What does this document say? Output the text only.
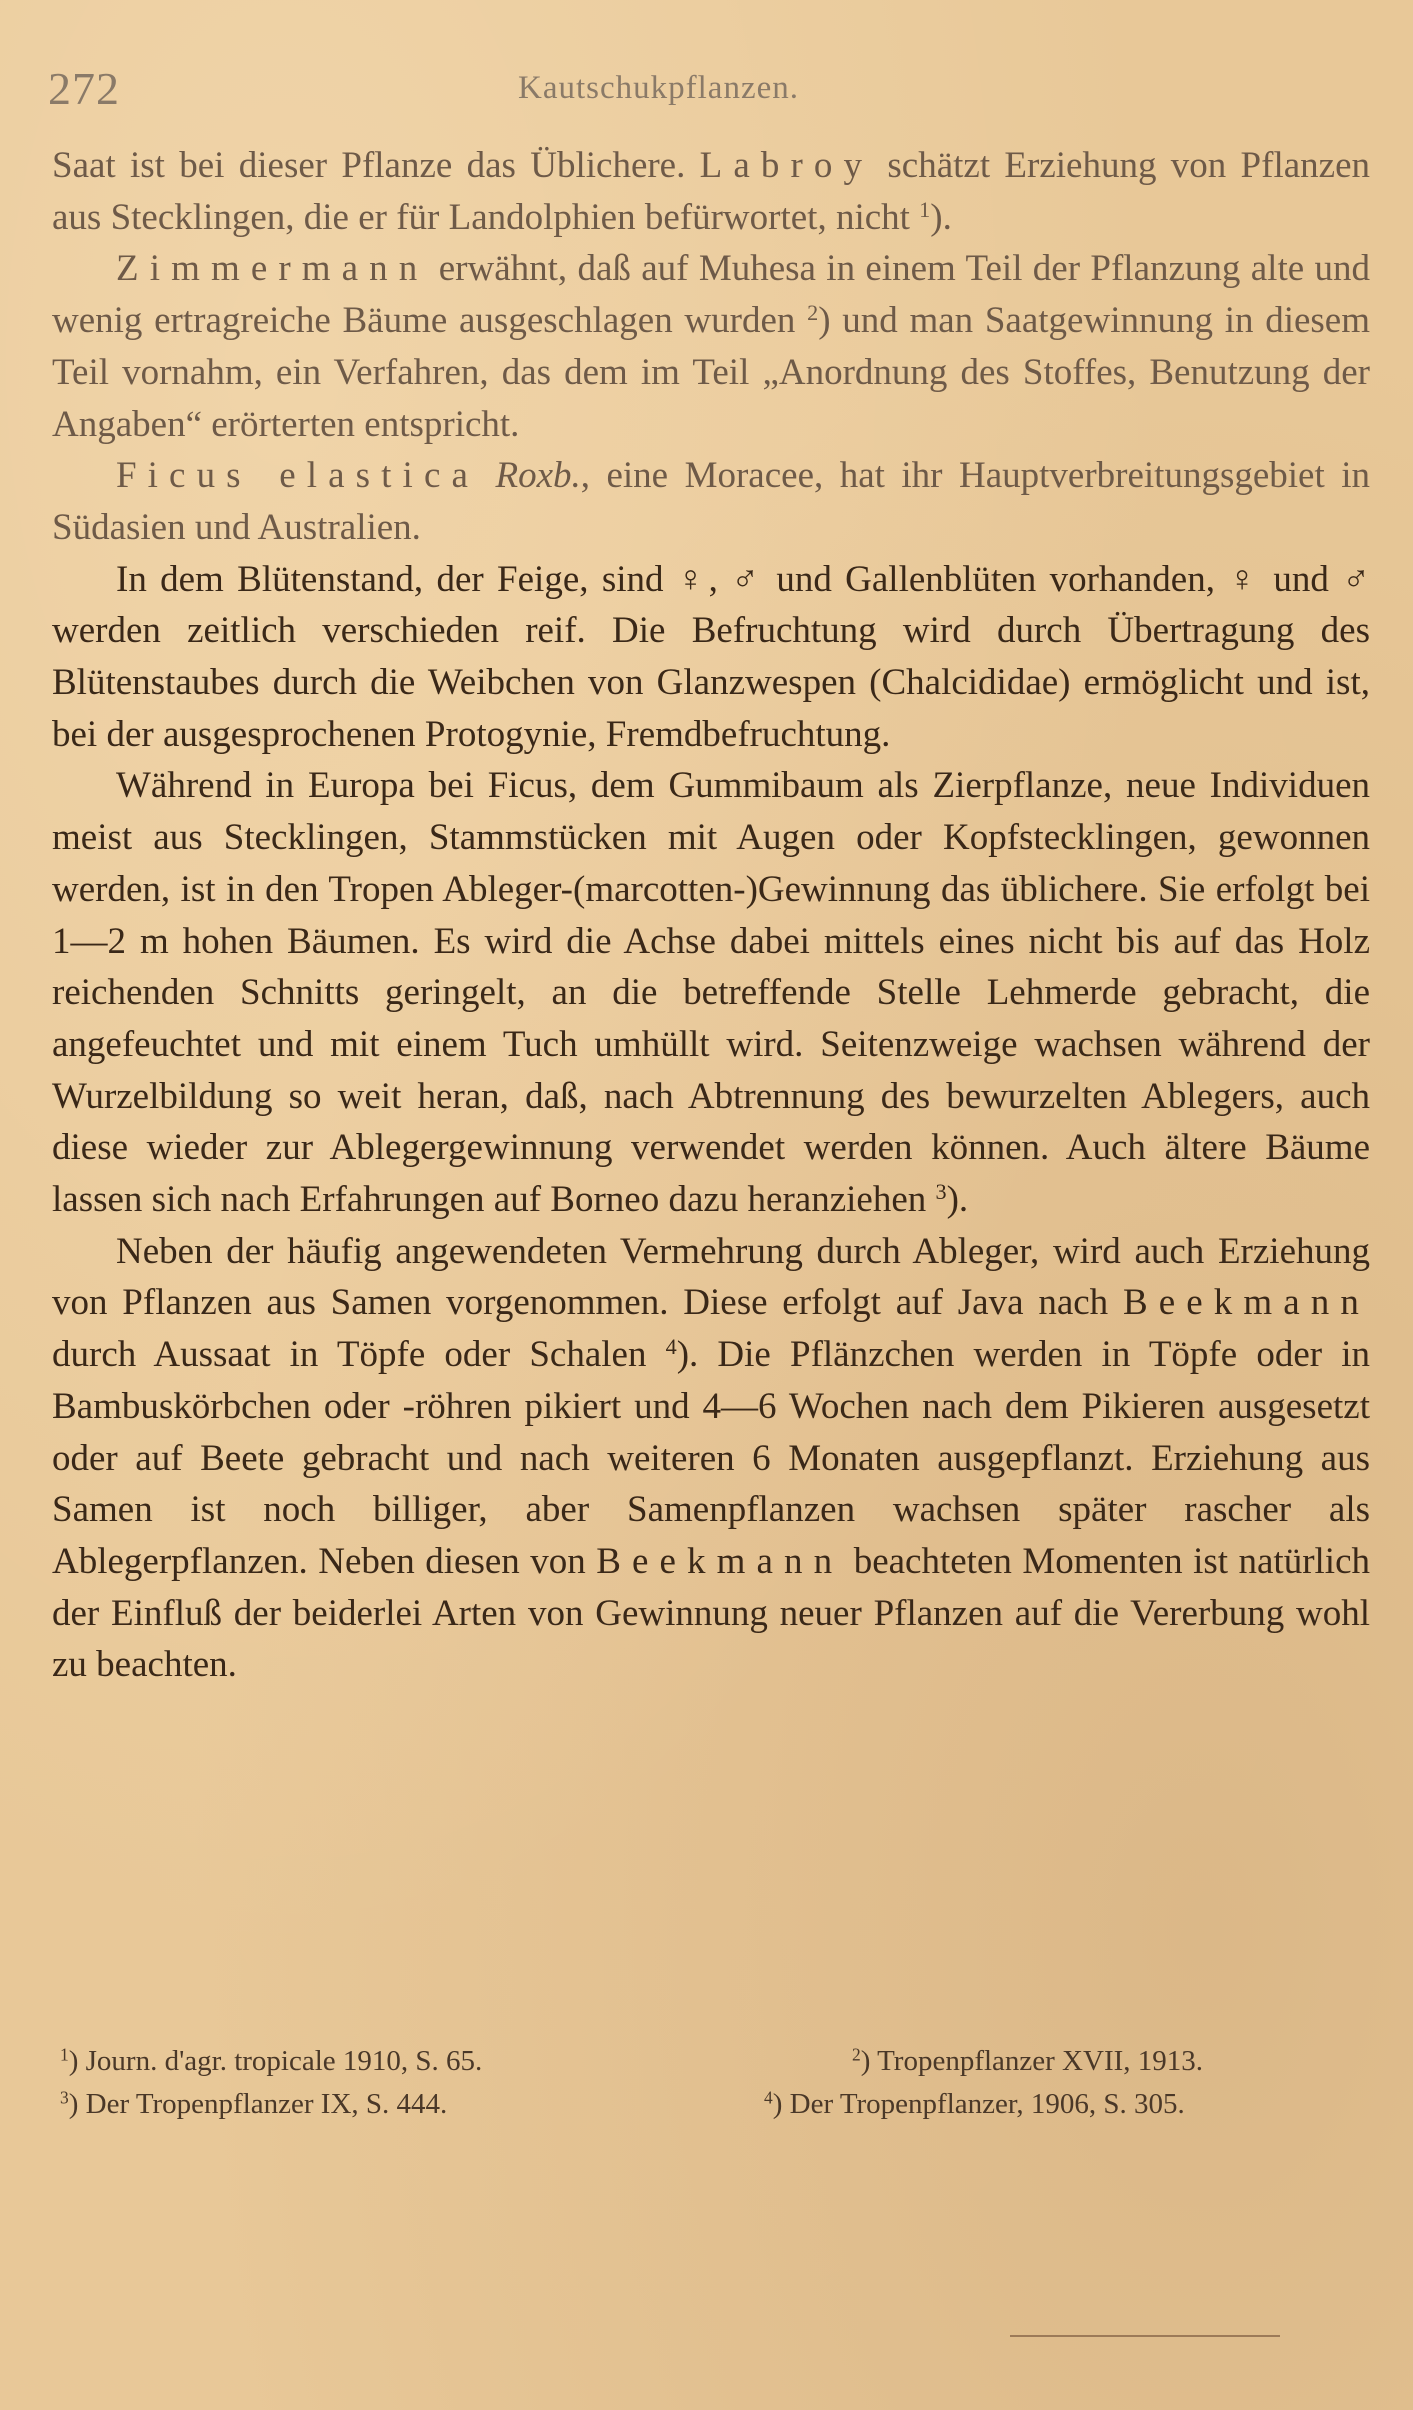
272	Kautschukpflanzen.

Saat ist bei dieser Pflanze das Üblichere. Labroy schätzt Erziehung von Pflanzen aus Stecklingen, die er für Landolphien befürwortet, nicht $^1$).

Zimmermann erwähnt, daß auf Muhesa in einem Teil der Pflanzung alte und wenig ertragreiche Bäume ausgeschlagen wurden $^2$) und man Saatgewinnung in diesem Teil vornahm, ein Verfahren, das dem im Teil „Anordnung des Stoffes, Benutzung der Angaben“ erörterten entspricht.

Ficus elastica Roxb., eine Moracee, hat ihr Hauptverbreitungsgebiet in Südasien und Australien.

In dem Blütenstand, der Feige, sind ♀, ♂ und Gallenblüten vorhanden, ♀ und ♂ werden zeitlich verschieden reif. Die Befruchtung wird durch Übertragung des Blütenstaubes durch die Weibchen von Glanzwespen (Chalcididae) ermöglicht und ist, bei der ausgesprochenen Protogynie, Fremdbefruchtung.

Während in Europa bei Ficus, dem Gummibaum als Zierpflanze, neue Individuen meist aus Stecklingen, Stammstücken mit Augen oder Kopfstecklingen, gewonnen werden, ist in den Tropen Ableger-(marcotten-)Gewinnung das üblichere. Sie erfolgt bei 1—2 m hohen Bäumen. Es wird die Achse dabei mittels eines nicht bis auf das Holz reichenden Schnitts geringelt, an die betreffende Stelle Lehmerde gebracht, die angefeuchtet und mit einem Tuch umhüllt wird. Seitenzweige wachsen während der Wurzelbildung so weit heran, daß, nach Abtrennung des bewurzelten Ablegers, auch diese wieder zur Ablegergewinnung verwendet werden können. Auch ältere Bäume lassen sich nach Erfahrungen auf Borneo dazu heranziehen $^3$).

Neben der häufig angewendeten Vermehrung durch Ableger, wird auch Erziehung von Pflanzen aus Samen vorgenommen. Diese erfolgt auf Java nach Beekmann durch Aussaat in Töpfe oder Schalen $^4$). Die Pflänzchen werden in Töpfe oder in Bambuskörbchen oder -röhren pikiert und 4—6 Wochen nach dem Pikieren ausgesetzt oder auf Beete gebracht und nach weiteren 6 Monaten ausgepflanzt. Erziehung aus Samen ist noch billiger, aber Samenpflanzen wachsen später rascher als Ablegerpflanzen. Neben diesen von Beekmann beachteten Momenten ist natürlich der Einfluß der beiderlei Arten von Gewinnung neuer Pflanzen auf die Vererbung wohl zu beachten.

$^1$) Journ. d'agr. tropicale 1910, S. 65.	$^2$) Tropenpflanzer XVII, 1913.
$^3$) Der Tropenpflanzer IX, S. 444.	$^4$) Der Tropenpflanzer, 1906, S. 305.
